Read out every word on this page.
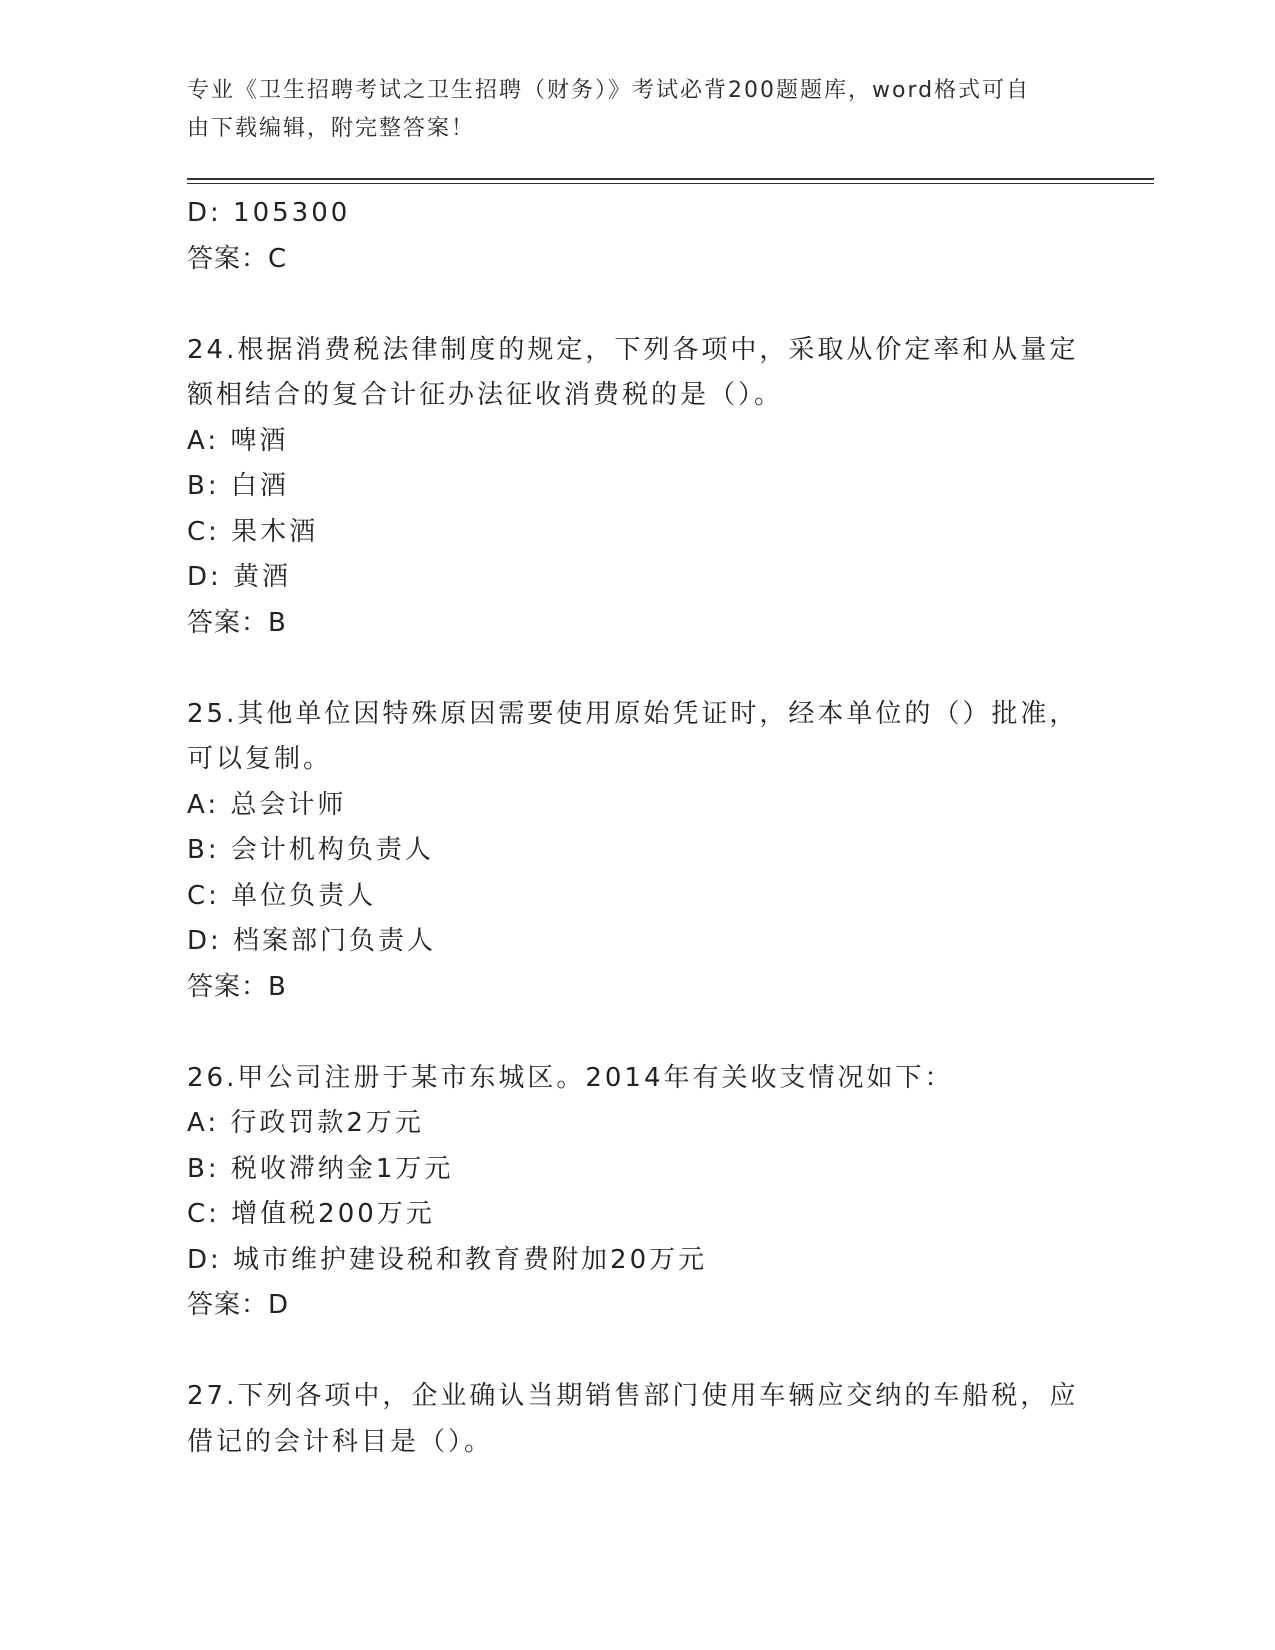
专业《卫生招聘考试之卫生招聘（财务）》考试必背200题题库，word格式可自
由下载编辑，附完整答案！
D: 105300
答案：C
24.根据消费税法律制度的规定，下列各项中，采取从价定率和从量定
额相结合的复合计征办法征收消费税的是（）。
A: 啤酒
B: 白酒
C: 果木酒
D: 黄酒
答案：B
25.其他单位因特殊原因需要使用原始凭证时，经本单位的（）批准，
可以复制。
A: 总会计师
B: 会计机构负责人
C: 单位负责人
D: 档案部门负责人
答案：B
26.甲公司注册于某市东城区。2014年有关收支情况如下：
A: 行政罚款2万元
B: 税收滞纳金1万元
C: 增值税200万元
D: 城市维护建设税和教育费附加20万元
答案：D
27.下列各项中，企业确认当期销售部门使用车辆应交纳的车船税，应
借记的会计科目是（）。
